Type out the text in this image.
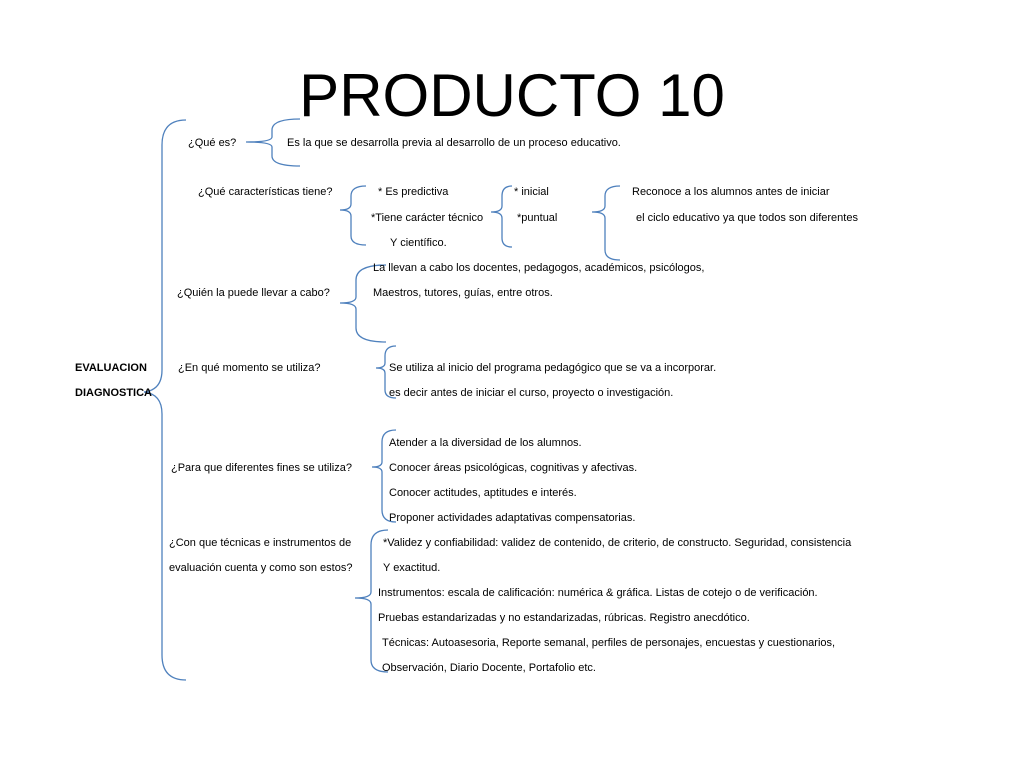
PRODUCTO 10
EVALUACION
DIAGNOSTICA
¿Qué es?	Es la que se desarrolla previa al desarrollo de un proceso educativo.
¿Qué características tiene?	* Es predictiva
*Tiene carácter técnico
Y científico.
* inicial
*puntual
Reconoce a los alumnos antes de iniciar
el ciclo educativo ya que todos son diferentes
La llevan a cabo los docentes, pedagogos, académicos, psicólogos,
¿Quién la puede llevar a cabo?	Maestros, tutores, guías, entre otros.
¿En qué momento se utiliza?	Se utiliza al inicio del programa pedagógico que se va a incorporar.
es decir antes de iniciar el curso, proyecto o investigación.
Atender a la diversidad de los alumnos.
¿Para que diferentes fines se utiliza?	Conocer áreas psicológicas, cognitivas y afectivas.
Conocer actitudes, aptitudes e interés.
Proponer actividades adaptativas compensatorias.
¿Con que técnicas e instrumentos de
evaluación cuenta y como son estos?
*Validez y confiabilidad: validez de contenido, de criterio, de constructo. Seguridad, consistencia
Y exactitud.
Instrumentos: escala de calificación: numérica & gráfica. Listas de cotejo o de verificación.
Pruebas estandarizadas y no estandarizadas, rúbricas. Registro anecdótico.
Técnicas: Autoasesoria, Reporte semanal, perfiles de personajes, encuestas y cuestionarios,
Observación, Diario Docente, Portafolio etc.
